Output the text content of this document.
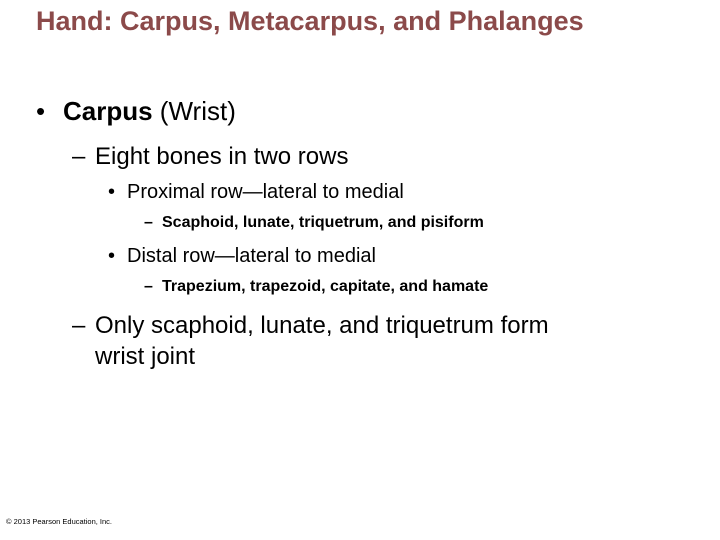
Hand: Carpus, Metacarpus, and Phalanges
• Carpus (Wrist)
– Eight bones in two rows
• Proximal row—lateral to medial
– Scaphoid, lunate, triquetrum, and pisiform
• Distal row—lateral to medial
– Trapezium, trapezoid, capitate, and hamate
– Only scaphoid, lunate, and triquetrum form
wrist joint
© 2013 Pearson Education, Inc.
